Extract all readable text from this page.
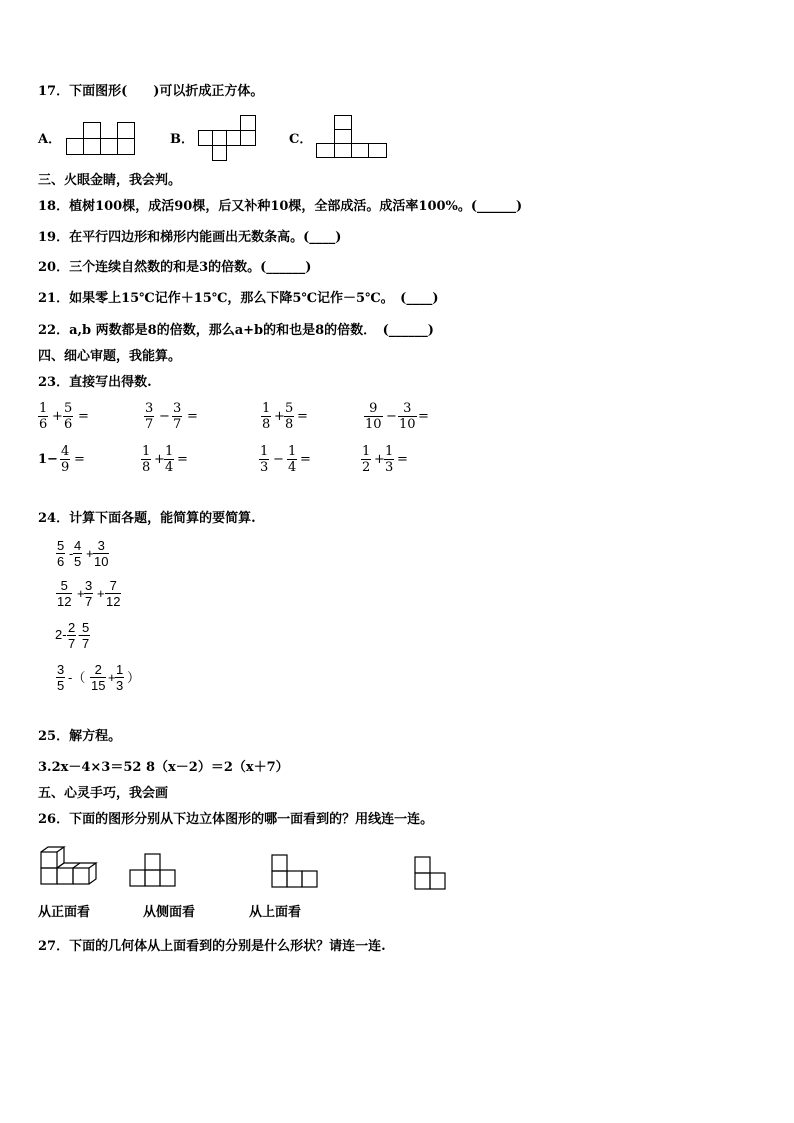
17．下面图形(　　)可以折成正方体。
A．	B．	C．
三、火眼金睛，我会判。
18．植树100棵，成活90棵，后又补种10棵，全部成活。成活率100%。(______)
19．在平行四边形和梯形内能画出无数条高。(____)
20．三个连续自然数的和是3的倍数。(______)
21．如果零上15℃记作＋15℃，那么下降5℃记作－5℃。　(____)
22．a,b 两数都是8的倍数，那么a+b的和也是8的倍数．　(______)
四、细心审题，我能算。
23．直接写出得数.
$\frac{1}{6} + \frac{5}{6}$ =	$\frac{3}{7} - \frac{3}{7}$ =	$\frac{1}{8} + \frac{5}{8}$ =	$\frac{9}{10} - \frac{3}{10}$ =
$1- \frac{4}{9}$ =	$\frac{1}{8} + \frac{1}{4}$ =	$\frac{1}{3} - \frac{1}{4}$ =	$\frac{1}{2} + \frac{1}{3}$ =
24．计算下面各题，能简算的要简算.
$\frac{5}{6} - \frac{4}{5} + \frac{3}{10}$
$\frac{5}{12} + \frac{3}{7} + \frac{7}{12}$
$2- \frac{2}{7}$ -
$\frac{5}{7}$
$\frac{3}{5}$ -（ $\frac{2}{15} + \frac{1}{3}$ ）
25．解方程。
3.2x－4×3＝52 8（x－2）＝2（x＋7）
五、心灵手巧，我会画
26．下面的图形分别从下边立体图形的哪一面看到的？用线连一连。
从正面看	从侧面看	从上面看
27．下面的几何体从上面看到的分别是什么形状？请连一连.
